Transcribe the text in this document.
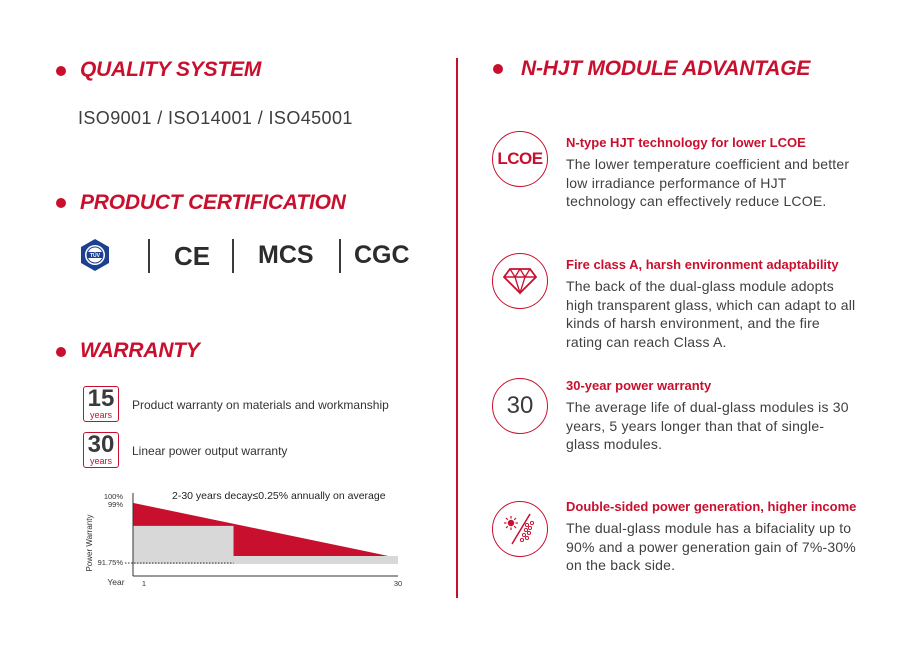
QUALITY SYSTEM
ISO9001 / ISO14001 / ISO45001
PRODUCT CERTIFICATION
TÜV	CE MCS CGC
WARRANTY
15
years
Product warranty on materials and workmanship
30
years
Linear power output warranty
2-30 years decay≤0.25% annually on average
100%
99%
91.75%
1	30
Year
Power Warranty
N-HJT MODULE ADVANTAGE
LCOE
N-type HJT technology for lower LCOE
The lower temperature coefficient and better low irradiance performance of HJT technology can effectively reduce LCOE.
Fire class A, harsh environment adaptability
The back of the dual-glass module adopts high transparent glass, which can adapt to all kinds of harsh environment, and the fire rating can reach Class A.
30
30-year power warranty
The average life of dual-glass modules is 30 years, 5 years longer than that of single-glass modules.
Double-sided power generation, higher income
The dual-glass module has a bifaciality up to 90% and a power generation gain of 7%-30% on the back side.
